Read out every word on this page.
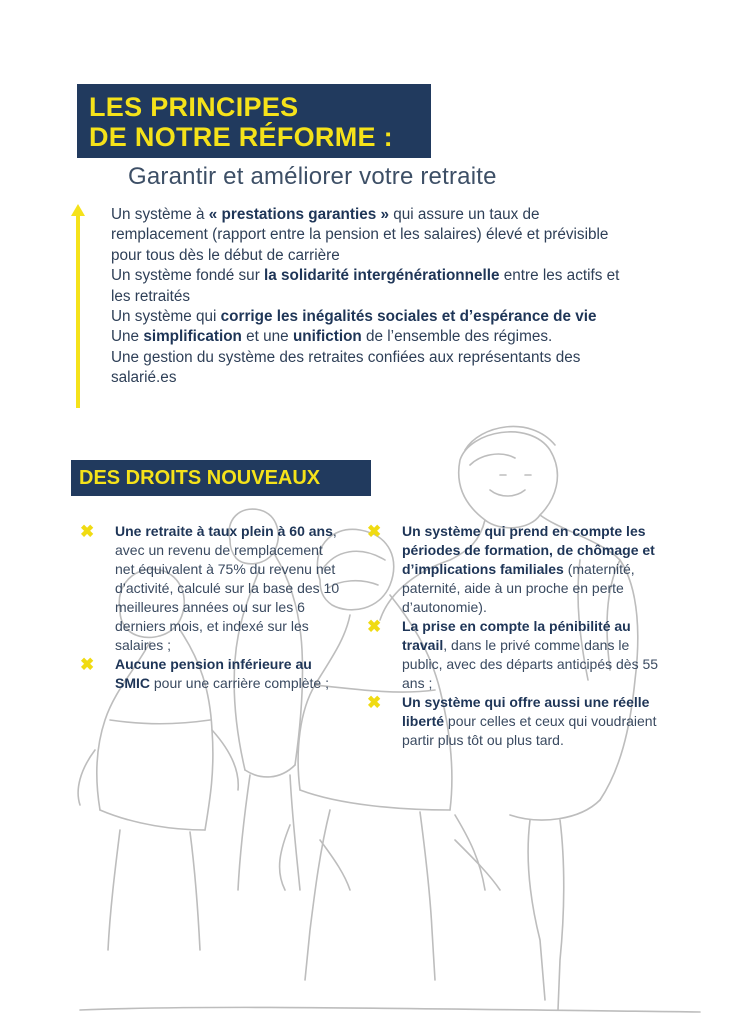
LES PRINCIPES
DE NOTRE RÉFORME :
Garantir et améliorer votre retraite

Un système à « prestations garanties » qui assure un taux de remplacement (rapport entre la pension et les salaires) élevé et prévisible pour tous dès le début de carrière

Un système fondé sur la solidarité intergénérationnelle entre les actifs et les retraités

Un système qui corrige les inégalités sociales et d’espérance de vie

Une simplification et une unifiction de l’ensemble des régimes.

Une gestion du système des retraites confiées aux représentants des salarié.es

DES DROITS NOUVEAUX
✖ Une retraite à taux plein à 60 ans, avec un revenu de remplacement net équivalent à 75% du revenu net d’activité, calculé sur la base des 10 meilleures années ou sur les 6 derniers mois, et indexé sur les salaires ;
✖ Aucune pension inférieure au SMIC pour une carrière complète ;
✖ Un système qui prend en compte les périodes de formation, de chômage et d’implications familiales (maternité, paternité, aide à un proche en perte d’autonomie).
✖ La prise en compte la pénibilité au travail, dans le privé comme dans le public, avec des départs anticipés dès 55 ans ;
✖ Un système qui offre aussi une réelle liberté pour celles et ceux qui voudraient partir plus tôt ou plus tard.
